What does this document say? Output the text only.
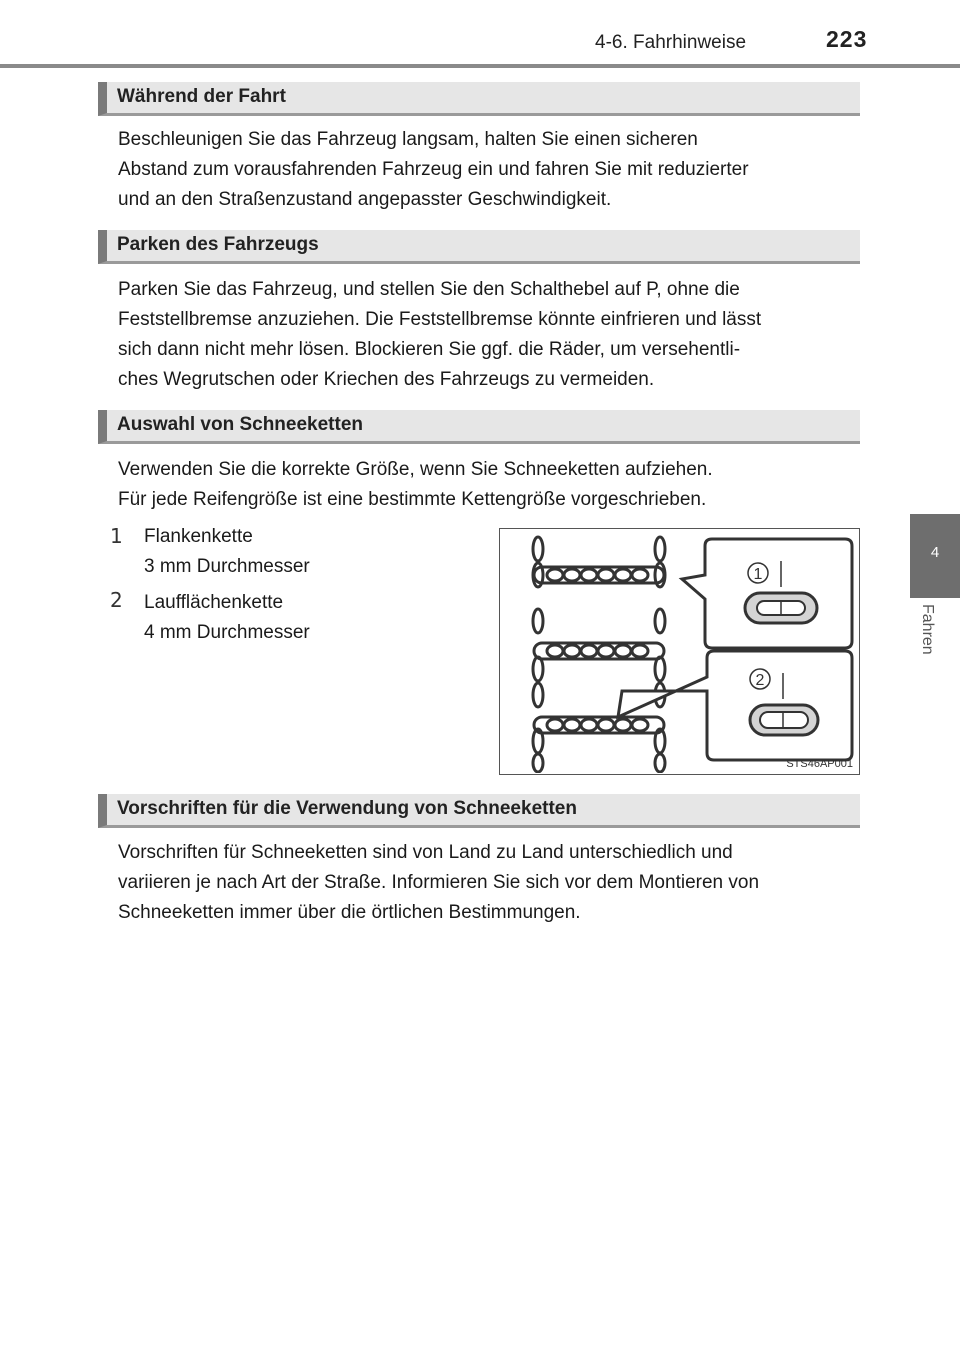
4-6. Fahrhinweise	223
4
Fahren
Während der Fahrt

Beschleunigen Sie das Fahrzeug langsam, halten Sie einen sicheren

Abstand zum vorausfahrenden Fahrzeug ein und fahren Sie mit reduzierter

und an den Straßenzustand angepasster Geschwindigkeit.

Parken des Fahrzeugs

Parken Sie das Fahrzeug, und stellen Sie den Schalthebel auf P, ohne die

Feststellbremse anzuziehen. Die Feststellbremse könnte einfrieren und lässt

sich dann nicht mehr lösen. Blockieren Sie ggf. die Räder, um versehentli-

ches Wegrutschen oder Kriechen des Fahrzeugs zu vermeiden.

Auswahl von Schneeketten

Verwenden Sie die korrekte Größe, wenn Sie Schneeketten aufziehen.

Für jede Reifengröße ist eine bestimmte Kettengröße vorgeschrieben.

1	Flankenkette
3 mm Durchmesser
2	Laufflächenkette
4 mm Durchmesser
1
2
STS46AP001
Vorschriften für die Verwendung von Schneeketten

Vorschriften für Schneeketten sind von Land zu Land unterschiedlich und

variieren je nach Art der Straße. Informieren Sie sich vor dem Montieren von

Schneeketten immer über die örtlichen Bestimmungen.
